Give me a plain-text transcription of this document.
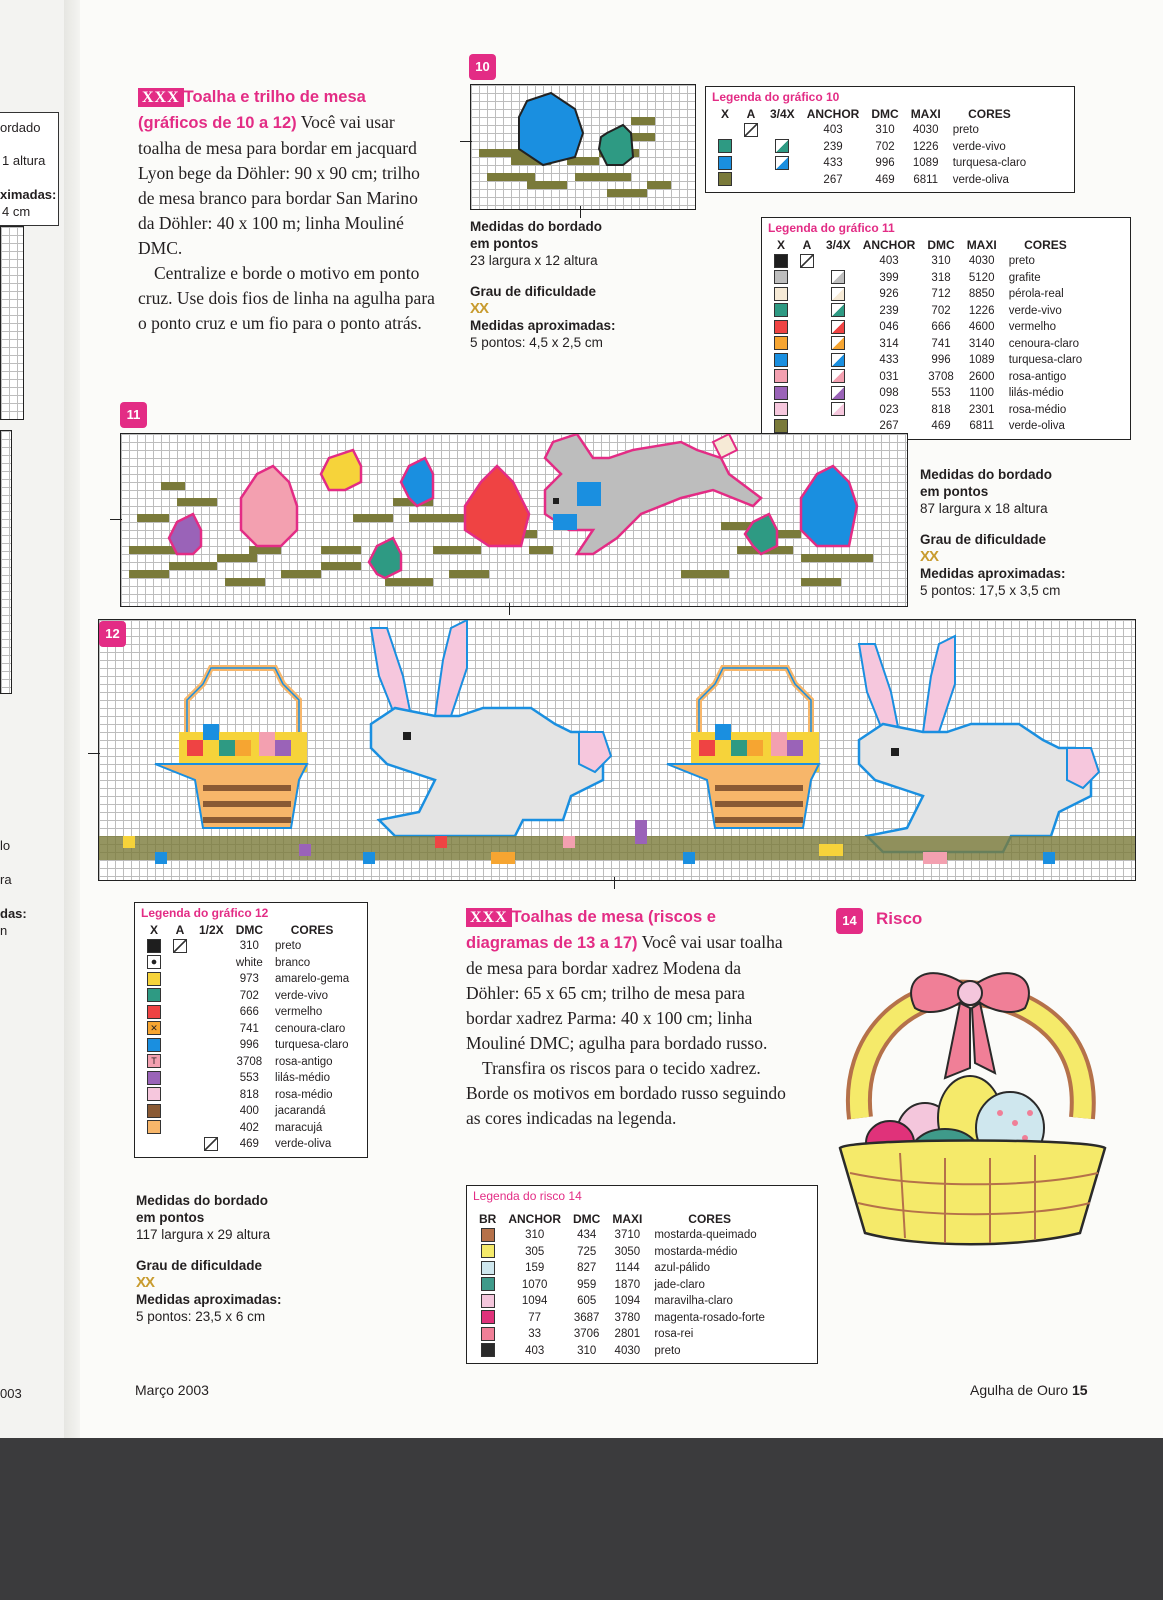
ordado
1 altura
ximadas:
4 cm
lo
ra
das:
n
003
XXX Toalha e trilho de mesa
(gráficos de 10 a 12) Você vai usar toalha de mesa para bordar em jacquard Lyon bege da Döhler: 90 x 90 cm; trilho de mesa branco para bordar San Marino da Döhler: 40 x 100 m; linha Mouliné DMC.
Centralize e borde o motivo em ponto cruz. Use dois fios de linha na agulha para o ponto cruz e um fio para o ponto atrás.
10
Medidas do bordado
em pontos
23 largura x 12 altura
Grau de dificuldade
XX
Medidas aproximadas:
5 pontos: 4,5 x 2,5 cm
Legenda do gráfico 10
X	A	3/4X	ANCHOR	DMC	MAXI	CORES
			403	310	4030	preto
			239	702	1226	verde-vivo
			433	996	1089	turquesa-claro
			267	469	6811	verde-oliva
Legenda do gráfico 11
X	A	3/4X	ANCHOR	DMC	MAXI	CORES
			403	310	4030	preto
			399	318	5120	grafite
			926	712	8850	pérola-real
			239	702	1226	verde-vivo
			046	666	4600	vermelho
			314	741	3140	cenoura-claro
			433	996	1089	turquesa-claro
			031	3708	2600	rosa-antigo
			098	553	1100	lilás-médio
			023	818	2301	rosa-médio
			267	469	6811	verde-oliva
11
Medidas do bordado
em pontos
87 largura x 18 altura
Grau de dificuldade
XX
Medidas aproximadas:
5 pontos: 17,5 x 3,5 cm
12
Legenda do gráfico 12
X	A	1/2X	DMC	CORES
			310	preto
			white	branco
			973	amarelo-gema
			702	verde-vivo
			666	vermelho
✕			741	cenoura-claro
			996	turquesa-claro
T			3708	rosa-antigo
			553	lilás-médio
			818	rosa-médio
			400	jacarandá
			402	maracujá
			469	verde-oliva
Medidas do bordado
em pontos
117 largura x 29 altura
Grau de dificuldade
XX
Medidas aproximadas:
5 pontos: 23,5 x 6 cm
XXX Toalhas de mesa (riscos e
diagramas de 13 a 17) Você vai usar toalha de mesa para bordar xadrez Modena da Döhler: 65 x 65 cm; trilho de mesa para bordar xadrez Parma: 40 x 100 cm; linha Mouliné DMC; agulha para bordado russo.
Transfira os riscos para o tecido xadrez. Borde os motivos em bordado russo seguindo as cores indicadas na legenda.
Legenda do risco 14
BR	ANCHOR	DMC	MAXI	CORES
	310	434	3710	mostarda-queimado
	305	725	3050	mostarda-médio
	159	827	1144	azul-pálido
	1070	959	1870	jade-claro
	1094	605	1094	maravilha-claro
	77	3687	3780	magenta-rosado-forte
	33	3706	2801	rosa-rei
	403	310	4030	preto
14	Risco
Março 2003	Agulha de Ouro 15
